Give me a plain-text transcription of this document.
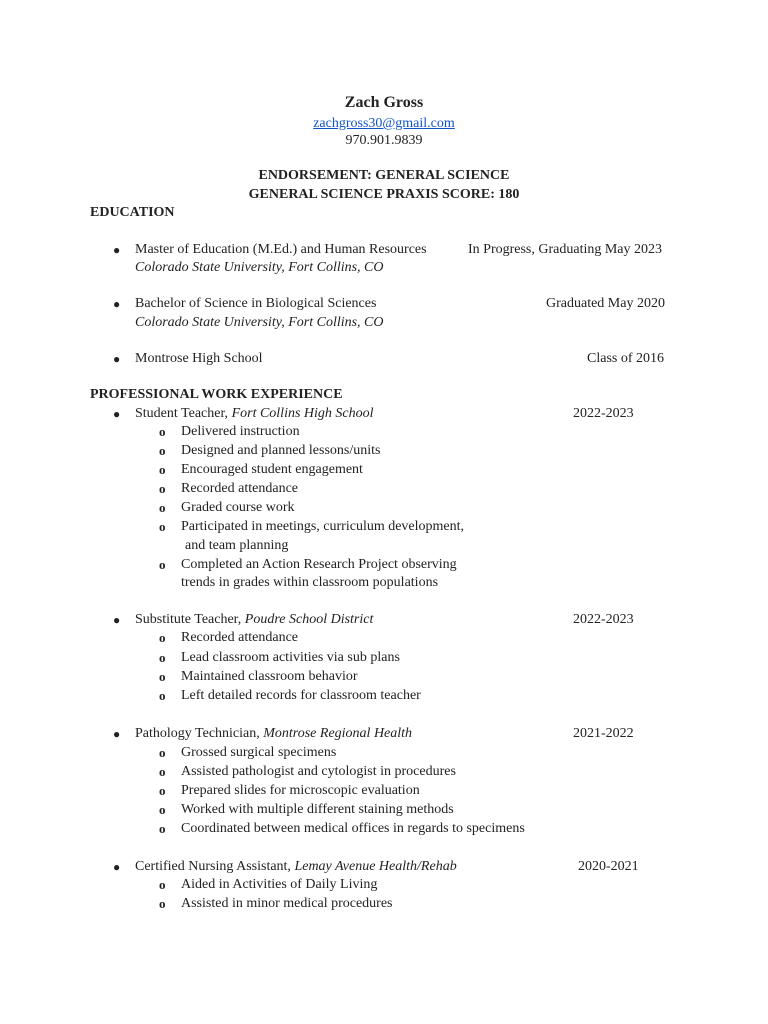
Zach Gross
zachgross30@gmail.com
970.901.9839
ENDORSEMENT: GENERAL SCIENCE
GENERAL SCIENCE PRAXIS SCORE: 180
EDUCATION
● Master of Education (M.Ed.) and Human Resources	In Progress, Graduating May 2023
Colorado State University, Fort Collins, CO
● Bachelor of Science in Biological Sciences	Graduated May 2020
Colorado State University, Fort Collins, CO
● Montrose High School	Class of 2016
PROFESSIONAL WORK EXPERIENCE
● Student Teacher, Fort Collins High School	2022-2023
o Delivered instruction
o Designed and planned lessons/units
o Encouraged student engagement
o Recorded attendance
o Graded course work
o Participated in meetings, curriculum development,
and team planning
o Completed an Action Research Project observing
trends in grades within classroom populations
● Substitute Teacher, Poudre School District	2022-2023
o Recorded attendance
o Lead classroom activities via sub plans
o Maintained classroom behavior
o Left detailed records for classroom teacher
● Pathology Technician, Montrose Regional Health	2021-2022
o Grossed surgical specimens
o Assisted pathologist and cytologist in procedures
o Prepared slides for microscopic evaluation
o Worked with multiple different staining methods
o Coordinated between medical offices in regards to specimens
● Certified Nursing Assistant, Lemay Avenue Health/Rehab	2020-2021
o Aided in Activities of Daily Living
o Assisted in minor medical procedures
